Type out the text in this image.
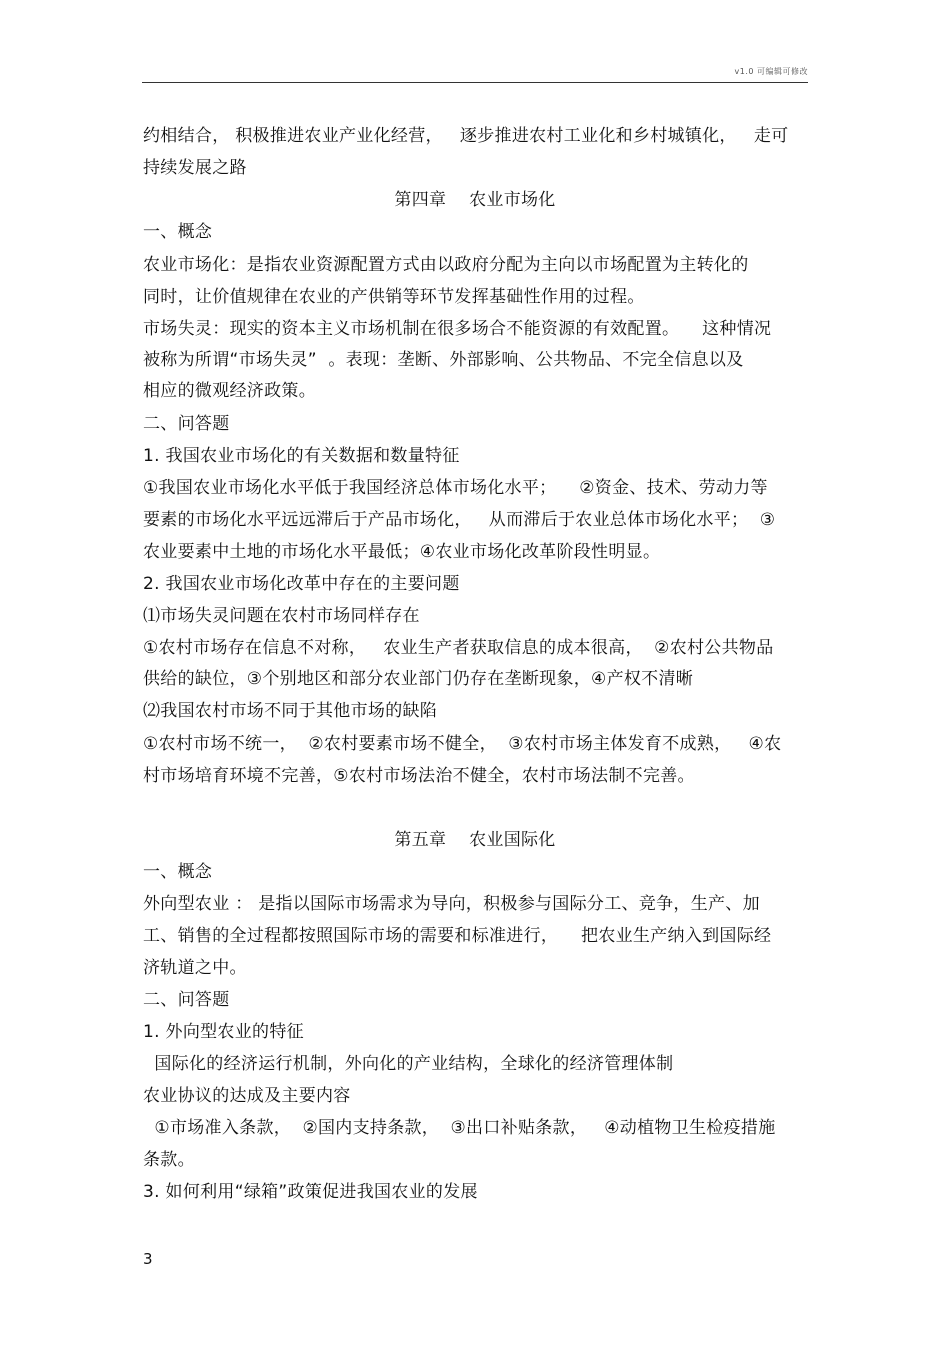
v1.0 可编辑可修改
约相结合， 积极推进农业产业化经营，   逐步推进农村工业化和乡村城镇化，   走可
持续发展之路
第四章    农业市场化
一、概念
农业市场化：是指农业资源配置方式由以政府分配为主向以市场配置为主转化的
同时，让价值规律在农业的产供销等环节发挥基础性作用的过程。
市场失灵：现实的资本主义市场机制在很多场合不能资源的有效配置。    这种情况
被称为所谓“市场失灵”  。表现：垄断、外部影响、公共物品、不完全信息以及
相应的微观经济政策。
二、问答题
1. 我国农业市场化的有关数据和数量特征
①我国农业市场化水平低于我国经济总体市场化水平；    ②资金、技术、劳动力等
要素的市场化水平远远滞后于产品市场化，   从而滞后于农业总体市场化水平；  ③
农业要素中土地的市场化水平最低；④农业市场化改革阶段性明显。
2. 我国农业市场化改革中存在的主要问题
⑴市场失灵问题在农村市场同样存在
①农村市场存在信息不对称，   农业生产者获取信息的成本很高，  ②农村公共物品
供给的缺位，③个别地区和部分农业部门仍存在垄断现象，④产权不清晰
⑵我国农村市场不同于其他市场的缺陷
①农村市场不统一，  ②农村要素市场不健全，  ③农村市场主体发育不成熟，   ④农
村市场培育环境不完善，⑤农村市场法治不健全，农村市场法制不完善。
第五章    农业国际化
一、概念
外向型农业 ： 是指以国际市场需求为导向，积极参与国际分工、竞争，生产、加
工、销售的全过程都按照国际市场的需要和标准进行，    把农业生产纳入到国际经
济轨道之中。
二、问答题
1. 外向型农业的特征
国际化的经济运行机制，外向化的产业结构，全球化的经济管理体制
农业协议的达成及主要内容
①市场准入条款，  ②国内支持条款，  ③出口补贴条款，   ④动植物卫生检疫措施
条款。
3. 如何利用“绿箱”政策促进我国农业的发展
3
